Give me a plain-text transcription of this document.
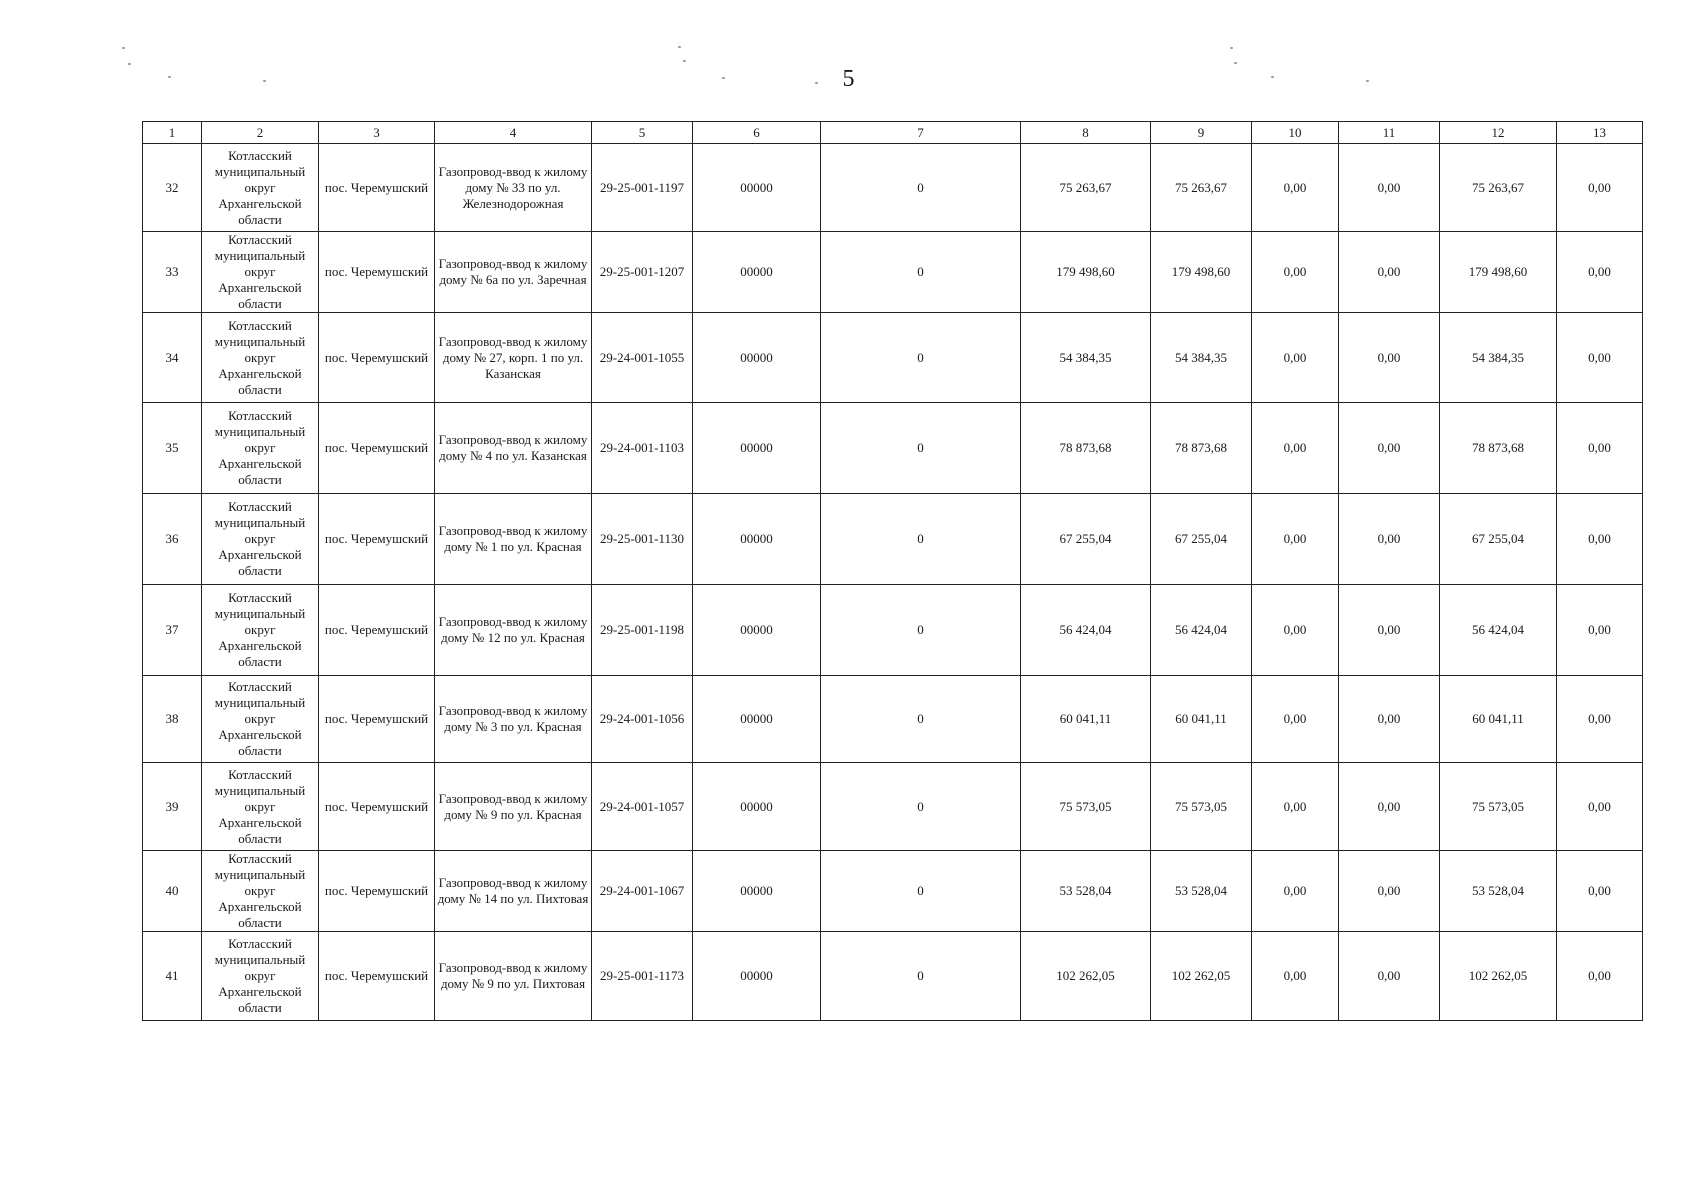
5
1	2	3	4	5	6	7	8	9	10	11	12	13
32	Котласский муниципальный округ Архангельской области	пос. Черемушский	Газопровод-ввод к жилому дому № 33 по ул. Железнодорожная	29-25-001-1197	00000	0	75 263,67	75 263,67	0,00	0,00	75 263,67	0,00
33	Котласский муниципальный округ Архангельской области	пос. Черемушский	Газопровод-ввод к жилому дому № 6а по ул. Заречная	29-25-001-1207	00000	0	179 498,60	179 498,60	0,00	0,00	179 498,60	0,00
34	Котласский муниципальный округ Архангельской области	пос. Черемушский	Газопровод-ввод к жилому дому № 27, корп. 1 по ул. Казанская	29-24-001-1055	00000	0	54 384,35	54 384,35	0,00	0,00	54 384,35	0,00
35	Котласский муниципальный округ Архангельской области	пос. Черемушский	Газопровод-ввод к жилому дому № 4 по ул. Казанская	29-24-001-1103	00000	0	78 873,68	78 873,68	0,00	0,00	78 873,68	0,00
36	Котласский муниципальный округ Архангельской области	пос. Черемушский	Газопровод-ввод к жилому дому № 1 по ул. Красная	29-25-001-1130	00000	0	67 255,04	67 255,04	0,00	0,00	67 255,04	0,00
37	Котласский муниципальный округ Архангельской области	пос. Черемушский	Газопровод-ввод к жилому дому № 12 по ул. Красная	29-25-001-1198	00000	0	56 424,04	56 424,04	0,00	0,00	56 424,04	0,00
38	Котласский муниципальный округ Архангельской области	пос. Черемушский	Газопровод-ввод к жилому дому № 3 по ул. Красная	29-24-001-1056	00000	0	60 041,11	60 041,11	0,00	0,00	60 041,11	0,00
39	Котласский муниципальный округ Архангельской области	пос. Черемушский	Газопровод-ввод к жилому дому № 9 по ул. Красная	29-24-001-1057	00000	0	75 573,05	75 573,05	0,00	0,00	75 573,05	0,00
40	Котласский муниципальный округ Архангельской области	пос. Черемушский	Газопровод-ввод к жилому дому № 14 по ул. Пихтовая	29-24-001-1067	00000	0	53 528,04	53 528,04	0,00	0,00	53 528,04	0,00
41	Котласский муниципальный округ Архангельской области	пос. Черемушский	Газопровод-ввод к жилому дому № 9 по ул. Пихтовая	29-25-001-1173	00000	0	102 262,05	102 262,05	0,00	0,00	102 262,05	0,00
